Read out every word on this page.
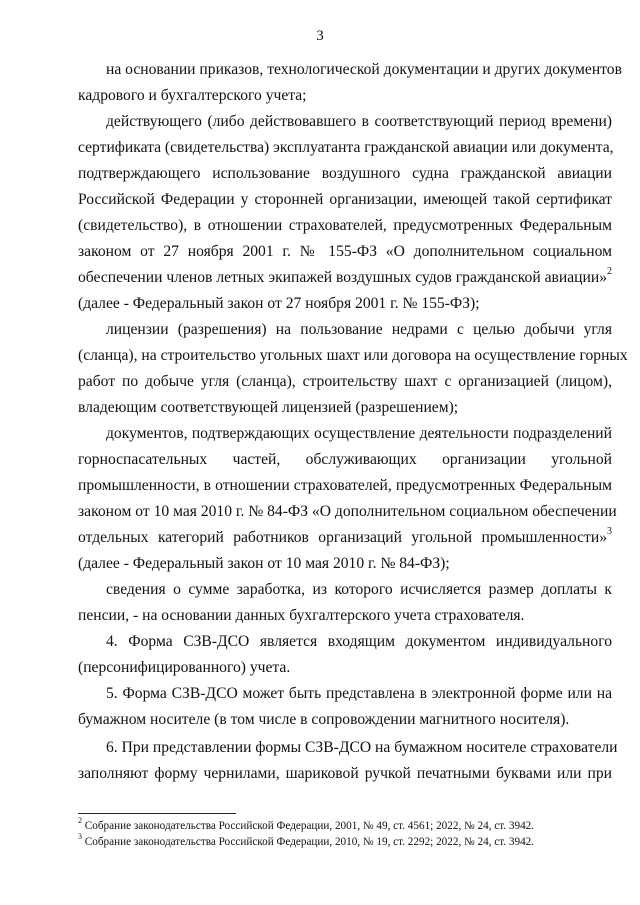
3
на основании приказов, технологической документации и других документов
кадрового и бухгалтерского учета;
действующего (либо действовавшего в соответствующий период времени)
сертификата (свидетельства) эксплуатанта гражданской авиации или документа,
подтверждающего использование воздушного судна гражданской авиации
Российской Федерации у сторонней организации, имеющей такой сертификат
(свидетельство), в отношении страхователей, предусмотренных Федеральным
законом от 27 ноября 2001 г. № 155-ФЗ «О дополнительном социальном
обеспечении членов летных экипажей воздушных судов гражданской авиации»$^2$
(далее - Федеральный закон от 27 ноября 2001 г. № 155-ФЗ);
лицензии (разрешения) на пользование недрами с целью добычи угля
(сланца), на строительство угольных шахт или договора на осуществление горных
работ по добыче угля (сланца), строительству шахт с организацией (лицом),
владеющим соответствующей лицензией (разрешением);
документов, подтверждающих осуществление деятельности подразделений
горноспасательных частей, обслуживающих организации угольной
промышленности, в отношении страхователей, предусмотренных Федеральным
законом от 10 мая 2010 г. № 84-ФЗ «О дополнительном социальном обеспечении
отдельных категорий работников организаций угольной промышленности»$^3$
(далее - Федеральный закон от 10 мая 2010 г. № 84-ФЗ);
сведения о сумме заработка, из которого исчисляется размер доплаты к
пенсии, - на основании данных бухгалтерского учета страхователя.
4. Форма СЗВ-ДСО является входящим документом индивидуального
(персонифицированного) учета.
5. Форма СЗВ-ДСО может быть представлена в электронной форме или на
бумажном носителе (в том числе в сопровождении магнитного носителя).
6. При представлении формы СЗВ-ДСО на бумажном носителе страхователи
заполняют форму чернилами, шариковой ручкой печатными буквами или при
$^2$ Собрание законодательства Российской Федерации, 2001, № 49, ст. 4561; 2022, № 24, ст. 3942.
$^3$ Собрание законодательства Российской Федерации, 2010, № 19, ст. 2292; 2022, № 24, ст. 3942.
